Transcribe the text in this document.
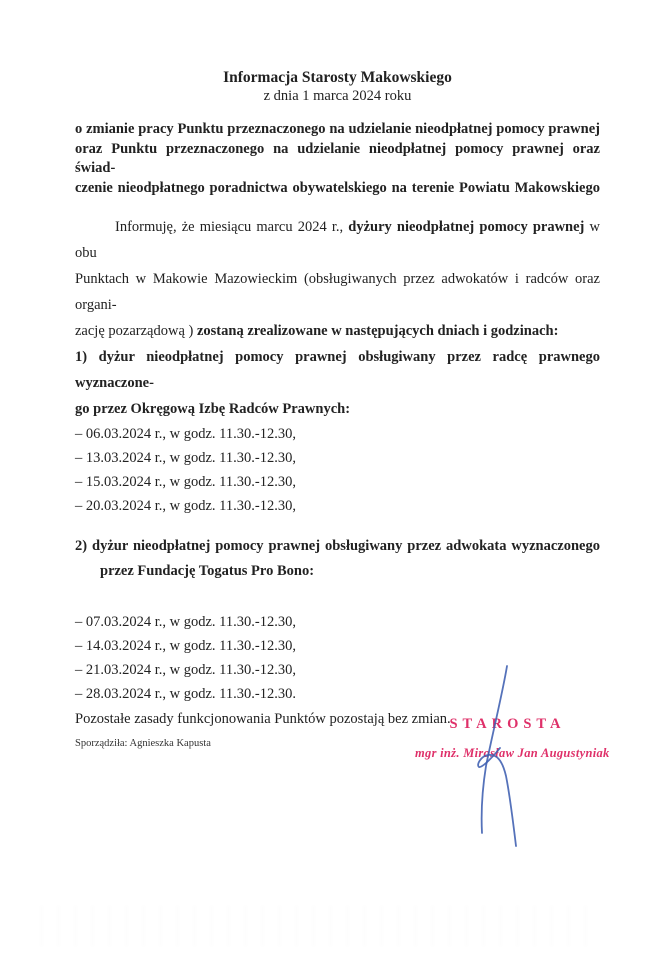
Informacja Starosty Makowskiego
z dnia 1 marca 2024 roku
o zmianie pracy Punktu przeznaczonego na udzielanie nieodpłatnej pomocy prawnej
oraz Punktu przeznaczonego na udzielanie nieodpłatnej pomocy prawnej oraz świad-
czenie nieodpłatnego poradnictwa obywatelskiego na terenie Powiatu Makowskiego
Informuję, że miesiącu marcu 2024 r., dyżury nieodpłatnej pomocy prawnej w obu
Punktach w Makowie Mazowieckim (obsługiwanych przez adwokatów i radców oraz organi-
zację pozarządową ) zostaną zrealizowane w następujących dniach i godzinach:
1) dyżur nieodpłatnej pomocy prawnej obsługiwany przez radcę prawnego wyznaczone-
go przez Okręgową Izbę Radców Prawnych:
– 06.03.2024 r., w godz. 11.30.-12.30,
– 13.03.2024 r., w godz. 11.30.-12.30,
– 15.03.2024 r., w godz. 11.30.-12.30,
– 20.03.2024 r., w godz. 11.30.-12.30,
2) dyżur nieodpłatnej pomocy prawnej obsługiwany przez adwokata wyznaczonego
przez Fundację Togatus Pro Bono:
– 07.03.2024 r., w godz. 11.30.-12.30,
– 14.03.2024 r., w godz. 11.30.-12.30,
– 21.03.2024 r., w godz. 11.30.-12.30,
– 28.03.2024 r., w godz. 11.30.-12.30.
Pozostałe zasady funkcjonowania Punktów pozostają bez zmian.
Sporządziła: Agnieszka Kapusta
STAROSTA
mgr inż. Mirosław Jan Augustyniak
